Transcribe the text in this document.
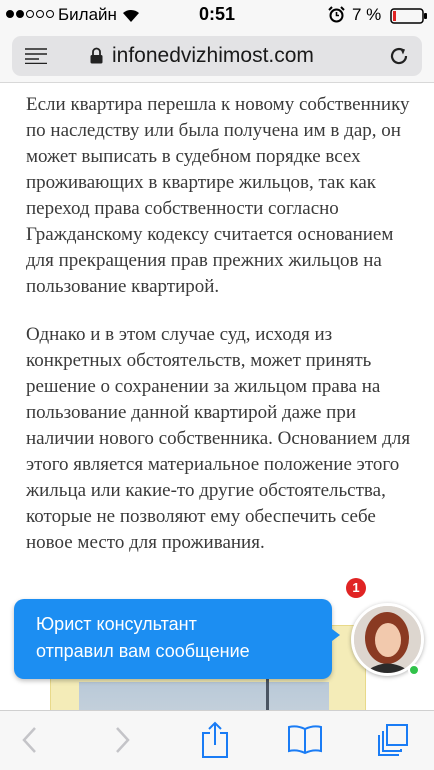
Билайн	0:51	7 %
infonedvizhimost.com

Если квартира перешла к новому собственнику по наследству или была получена им в дар, он может выписать в судебном порядке всех проживающих в квартире жильцов, так как переход права собственности согласно Гражданскому кодексу считается основанием для прекращения прав прежних жильцов на пользование квартирой.

Однако и в этом случае суд, исходя из конкретных обстоятельств, может принять решение о сохранении за жильцом права на пользование данной квартирой даже при наличии нового собственника. Основанием для этого является материальное положение этого жильца или какие-то другие обстоятельства, которые не позволяют ему обеспечить себе новое место для проживания.

Юрист консультант
отправил вам сообщение
1
